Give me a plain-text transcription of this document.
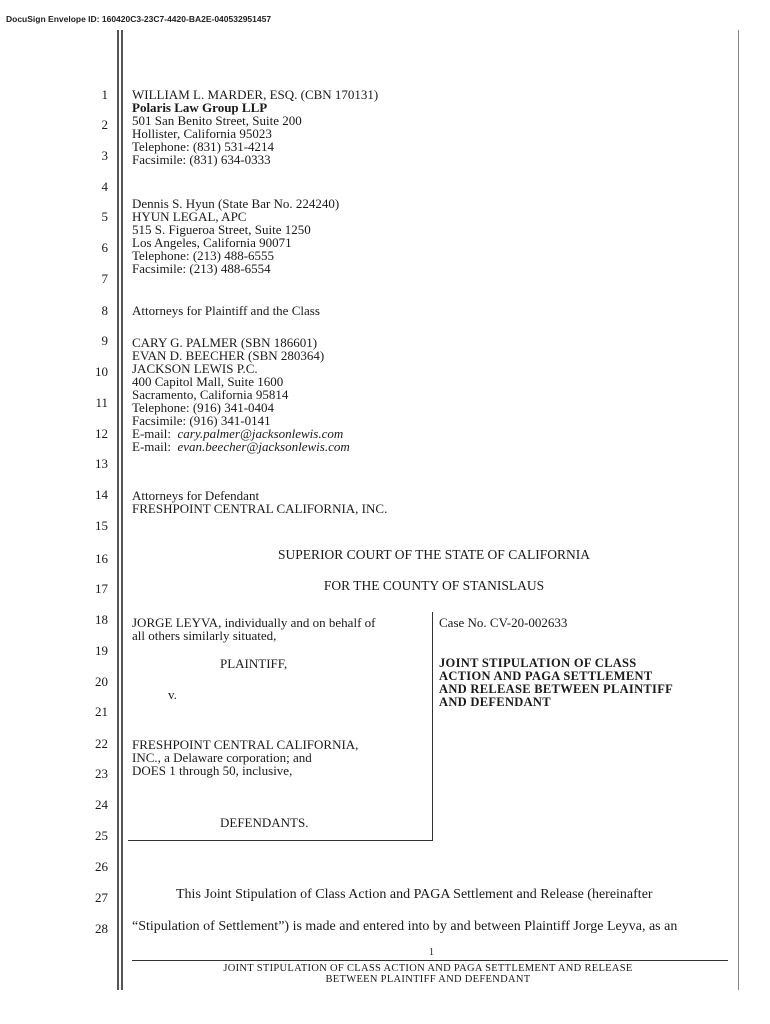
DocuSign Envelope ID: 160420C3-23C7-4420-BA2E-040532951457
1
2
3
4
5
6
7
8
9
10
11
12
13
14
15
16
17
18
19
20
21
22
23
24
25
26
27
28
WILLIAM L. MARDER, ESQ. (CBN 170131)
Polaris Law Group LLP
501 San Benito Street, Suite 200
Hollister, California 95023
Telephone: (831) 531-4214
Facsimile: (831) 634-0333
Dennis S. Hyun (State Bar No. 224240)
HYUN LEGAL, APC
515 S. Figueroa Street, Suite 1250
Los Angeles, California 90071
Telephone: (213) 488-6555
Facsimile: (213) 488-6554
Attorneys for Plaintiff and the Class
CARY G. PALMER (SBN 186601)
EVAN D. BEECHER (SBN 280364)
JACKSON LEWIS P.C.
400 Capitol Mall, Suite 1600
Sacramento, California 95814
Telephone: (916) 341-0404
Facsimile: (916) 341-0141
E-mail: cary.palmer@jacksonlewis.com
E-mail: evan.beecher@jacksonlewis.com
Attorneys for Defendant
FRESHPOINT CENTRAL CALIFORNIA, INC.
SUPERIOR COURT OF THE STATE OF CALIFORNIA
FOR THE COUNTY OF STANISLAUS
JORGE LEYVA, individually and on behalf of
all others similarly situated,
PLAINTIFF,
v.
FRESHPOINT CENTRAL CALIFORNIA,
INC., a Delaware corporation; and
DOES 1 through 50, inclusive,
DEFENDANTS.
Case No. CV-20-002633
JOINT STIPULATION OF CLASS
ACTION AND PAGA SETTLEMENT
AND RELEASE BETWEEN PLAINTIFF
AND DEFENDANT
This Joint Stipulation of Class Action and PAGA Settlement and Release (hereinafter
“Stipulation of Settlement”) is made and entered into by and between Plaintiff Jorge Leyva, as an
1
JOINT STIPULATION OF CLASS ACTION AND PAGA SETTLEMENT AND RELEASE
BETWEEN PLAINTIFF AND DEFENDANT
